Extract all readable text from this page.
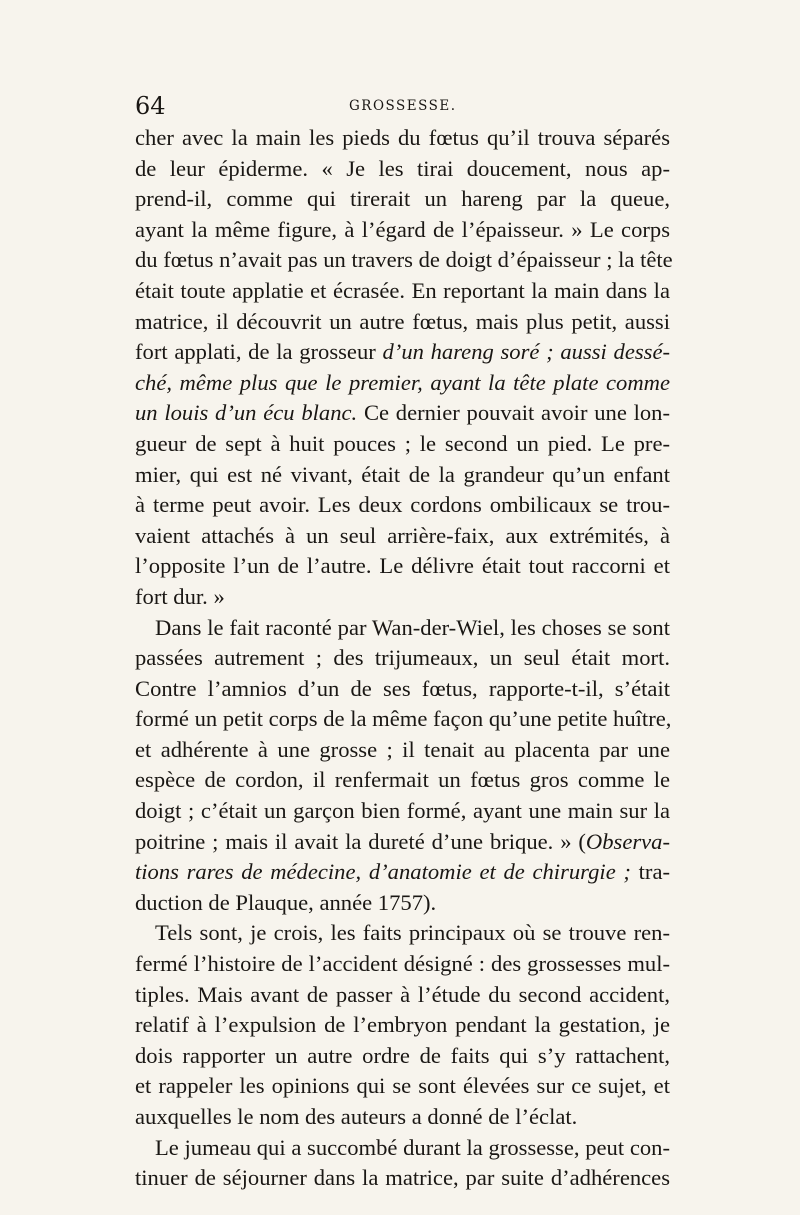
64	GROSSESSE.
cher avec la main les pieds du fœtus qu’il trouva séparés
de leur épiderme. « Je les tirai doucement, nous ap-
prend-il, comme qui tirerait un hareng par la queue,
ayant la même figure, à l’égard de l’épaisseur. » Le corps
du fœtus n’avait pas un travers de doigt d’épaisseur ; la tête
était toute applatie et écrasée. En reportant la main dans la
matrice, il découvrit un autre fœtus, mais plus petit, aussi
fort applati, de la grosseur d’un hareng soré ; aussi dessé-
ché, même plus que le premier, ayant la tête plate comme
un louis d’un écu blanc. Ce dernier pouvait avoir une lon-
gueur de sept à huit pouces ; le second un pied. Le pre-
mier, qui est né vivant, était de la grandeur qu’un enfant
à terme peut avoir. Les deux cordons ombilicaux se trou-
vaient attachés à un seul arrière-faix, aux extrémités, à
l’opposite l’un de l’autre. Le délivre était tout raccorni et
fort dur. »
Dans le fait raconté par Wan-der-Wiel, les choses se sont
passées autrement ; des trijumeaux, un seul était mort.
Contre l’amnios d’un de ses fœtus, rapporte-t-il, s’était
formé un petit corps de la même façon qu’une petite huître,
et adhérente à une grosse ; il tenait au placenta par une
espèce de cordon, il renfermait un fœtus gros comme le
doigt ; c’était un garçon bien formé, ayant une main sur la
poitrine ; mais il avait la dureté d’une brique. » (Observa-
tions rares de médecine, d’anatomie et de chirurgie ; tra-
duction de Plauque, année 1757).
Tels sont, je crois, les faits principaux où se trouve ren-
fermé l’histoire de l’accident désigné : des grossesses mul-
tiples. Mais avant de passer à l’étude du second accident,
relatif à l’expulsion de l’embryon pendant la gestation, je
dois rapporter un autre ordre de faits qui s’y rattachent,
et rappeler les opinions qui se sont élevées sur ce sujet, et
auxquelles le nom des auteurs a donné de l’éclat.
Le jumeau qui a succombé durant la grossesse, peut con-
tinuer de séjourner dans la matrice, par suite d’adhérences
